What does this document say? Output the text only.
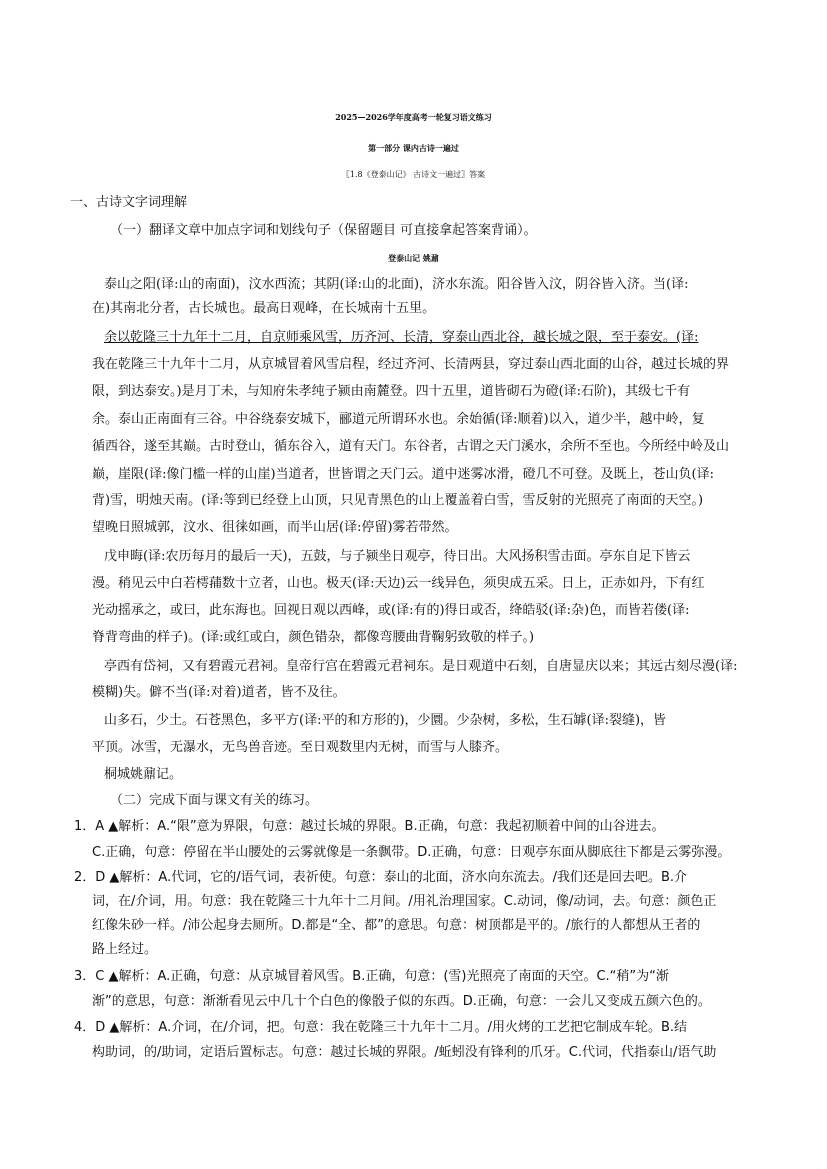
2025—2026学年度高考一轮复习语文练习
第一部分 课内古诗一遍过
〖1.8《登泰山记》 古诗文一遍过〗答案
一、古诗文字词理解
（一）翻译文章中加点字词和划线句子（保留题目 可直接拿起答案背诵）。
登泰山记 姚鼐
泰山之阳(译:山的南面)，汶水西流；其阴(译:山的北面)，济水东流。阳谷皆入汶，阴谷皆入济。当(译:
在)其南北分者，古长城也。最高日观峰，在长城南十五里。
余以乾隆三十九年十二月，自京师乘风雪，历齐河、长清，穿泰山西北谷，越长城之限，至于泰安。(译:
我在乾隆三十九年十二月，从京城冒着风雪启程，经过齐河、长清两县，穿过泰山西北面的山谷，越过长城的界
限，到达泰安。)是月丁未，与知府朱孝纯子颍由南麓登。四十五里，道皆砌石为磴(译:石阶)，其级七千有
余。泰山正南面有三谷。中谷绕泰安城下，郦道元所谓环水也。余始循(译:顺着)以入，道少半，越中岭，复
循西谷，遂至其巅。古时登山，循东谷入，道有天门。东谷者，古谓之天门溪水，余所不至也。今所经中岭及山
巅，崖限(译:像门槛一样的山崖)当道者，世皆谓之天门云。道中迷雾冰滑，磴几不可登。及既上，苍山负(译:
背)雪，明烛天南。(译:等到已经登上山顶，只见青黑色的山上覆盖着白雪，雪反射的光照亮了南面的天空。)
望晚日照城郭，汶水、徂徕如画，而半山居(译:停留)雾若带然。
戊申晦(译:农历每月的最后一天)，五鼓，与子颍坐日观亭，待日出。大风扬积雪击面。亭东自足下皆云
漫。稍见云中白若樗蒱数十立者，山也。极天(译:天边)云一线异色，须臾成五采。日上，正赤如丹，下有红
光动摇承之，或曰，此东海也。回视日观以西峰，或(译:有的)得日或否，绛皓驳(译:杂)色，而皆若偻(译:
脊背弯曲的样子)。(译:或红或白，颜色错杂，都像弯腰曲背鞠躬致敬的样子。)
亭西有岱祠，又有碧霞元君祠。皇帝行宫在碧霞元君祠东。是日观道中石刻，自唐显庆以来；其远古刻尽漫(译:
模糊)失。僻不当(译:对着)道者，皆不及往。
山多石，少土。石苍黑色，多平方(译:平的和方形的)，少圜。少杂树，多松，生石罅(译:裂缝)，皆
平顶。冰雪，无瀑水，无鸟兽音迹。至日观数里内无树，而雪与人膝齐。
桐城姚鼐记。
（二）完成下面与课文有关的练习。
1．A ▲解析：A.“限”意为界限，句意：越过长城的界限。B.正确，句意：我起初顺着中间的山谷进去。
C.正确，句意：停留在半山腰处的云雾就像是一条飘带。D.正确，句意：日观亭东面从脚底往下都是云雾弥漫。
2．D ▲解析：A.代词，它的/语气词，表祈使。句意：泰山的北面，济水向东流去。/我们还是回去吧。B.介
词，在/介词，用。句意：我在乾隆三十九年十二月间。/用礼治理国家。C.动词，像/动词，去。句意：颜色正
红像朱砂一样。/沛公起身去厕所。D.都是“全、都”的意思。句意：树顶都是平的。/旅行的人都想从王者的
路上经过。
3．C ▲解析：A.正确，句意：从京城冒着风雪。B.正确，句意：(雪)光照亮了南面的天空。C.“稍”为“渐
渐”的意思，句意：渐渐看见云中几十个白色的像骰子似的东西。D.正确，句意：一会儿又变成五颜六色的。
4．D ▲解析：A.介词，在/介词，把。句意：我在乾隆三十九年十二月。/用火烤的工艺把它制成车轮。B.结
构助词，的/助词，定语后置标志。句意：越过长城的界限。/蚯蚓没有锋利的爪牙。C.代词，代指泰山/语气助
